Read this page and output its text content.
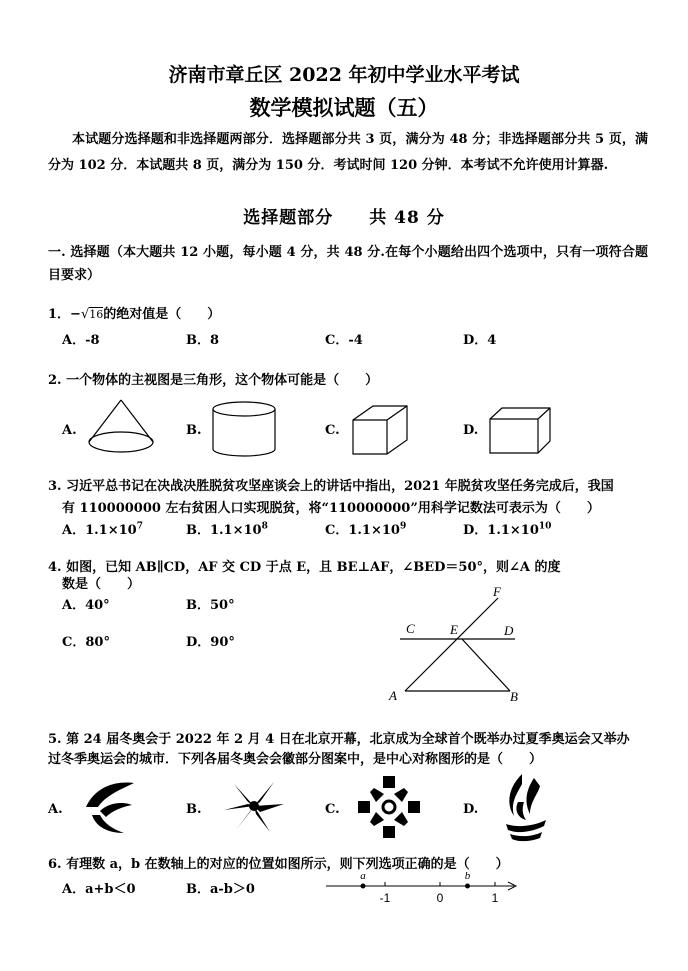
济南市章丘区 2022 年初中学业水平考试
数学模拟试题（五）
本试题分选择题和非选择题两部分．选择题部分共 3 页，满分为 48 分；非选择题部分共 5 页，满分为 102 分．本试题共 8 页，满分为 150 分．考试时间 120 分钟．本考试不允许使用计算器.
选择题部分　　共 48 分
一. 选择题（本大题共 12 小题，每小题 4 分，共 48 分.在每个小题给出四个选项中，只有一项符合题目要求）
1．−√16的绝对值是（　　）
A．-8	B．8	C．-4	D．4
2. 一个物体的主视图是三角形，这个物体可能是（　　）
A.	B.	C.	D.
3. 习近平总书记在决战决胜脱贫攻坚座谈会上的讲话中指出，2021 年脱贫攻坚任务完成后，我国
有 110000000 左右贫困人口实现脱贫，将“110000000”用科学记数法可表示为（　　）
A．$1.1\times 10^7$	B．$1.1\times 10^8$	C．$1.1\times 10^9$	D．$1.1\times 10^{10}$
4. 如图，已知 AB∥CD，AF 交 CD 于点 E，且 BE⊥AF，∠BED＝50°，则∠A 的度
数是（　　）
A．40°	B．50°
C．80°	D．90°
F
C	E	D
A	B
5. 第 24 届冬奥会于 2022 年 2 月 4 日在北京开幕，北京成为全球首个既举办过夏季奥运会又举办
过冬季奥运会的城市．下列各届冬奥会会徽部分图案中，是中心对称图形的是（　　）
A.	B.	C.	D.
6. 有理数 a，b 在数轴上的对应的位置如图所示，则下列选项正确的是（　　）
A．a+b＜0	B．a-b＞0
-1	0	1
a	b
